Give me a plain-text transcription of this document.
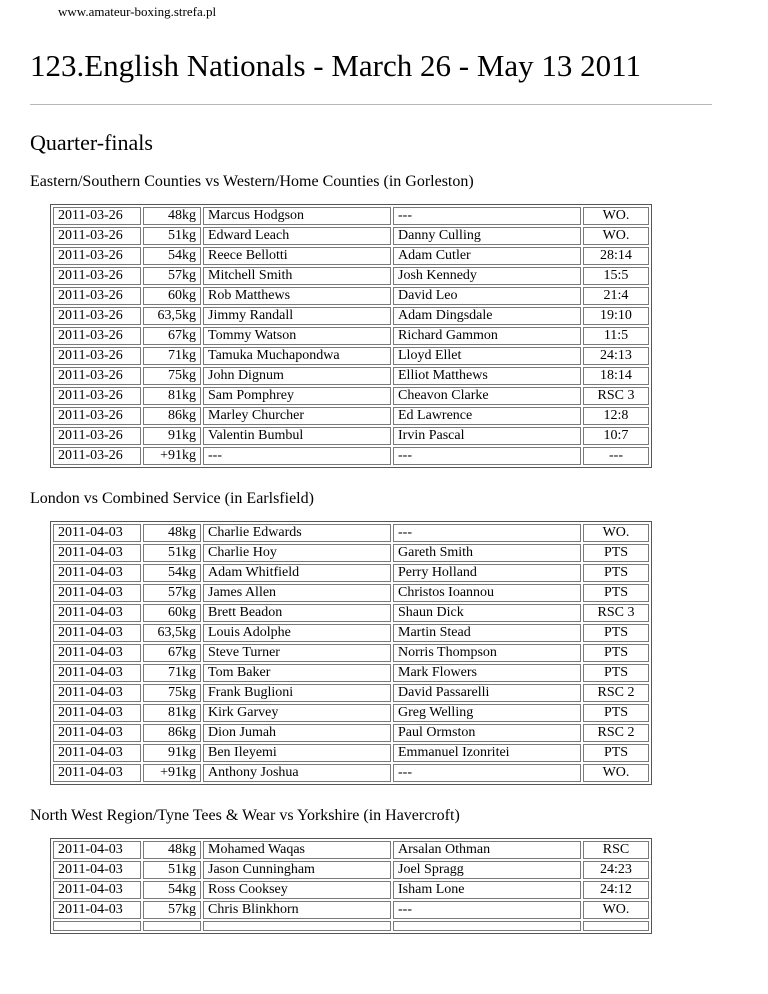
www.amateur-boxing.strefa.pl
123.English Nationals - March 26 - May 13 2011
Quarter-finals

Eastern/Southern Counties vs Western/Home Counties (in Gorleston)

2011-03-26	48kg	Marcus Hodgson	---	WO.
2011-03-26	51kg	Edward Leach	Danny Culling	WO.
2011-03-26	54kg	Reece Bellotti	Adam Cutler	28:14
2011-03-26	57kg	Mitchell Smith	Josh Kennedy	15:5
2011-03-26	60kg	Rob Matthews	David Leo	21:4
2011-03-26	63,5kg	Jimmy Randall	Adam Dingsdale	19:10
2011-03-26	67kg	Tommy Watson	Richard Gammon	11:5
2011-03-26	71kg	Tamuka Muchapondwa	Lloyd Ellet	24:13
2011-03-26	75kg	John Dignum	Elliot Matthews	18:14
2011-03-26	81kg	Sam Pomphrey	Cheavon Clarke	RSC 3
2011-03-26	86kg	Marley Churcher	Ed Lawrence	12:8
2011-03-26	91kg	Valentin Bumbul	Irvin Pascal	10:7
2011-03-26	+91kg	---	---	---

London vs Combined Service (in Earlsfield)

2011-04-03	48kg	Charlie Edwards	---	WO.
2011-04-03	51kg	Charlie Hoy	Gareth Smith	PTS
2011-04-03	54kg	Adam Whitfield	Perry Holland	PTS
2011-04-03	57kg	James Allen	Christos Ioannou	PTS
2011-04-03	60kg	Brett Beadon	Shaun Dick	RSC 3
2011-04-03	63,5kg	Louis Adolphe	Martin Stead	PTS
2011-04-03	67kg	Steve Turner	Norris Thompson	PTS
2011-04-03	71kg	Tom Baker	Mark Flowers	PTS
2011-04-03	75kg	Frank Buglioni	David Passarelli	RSC 2
2011-04-03	81kg	Kirk Garvey	Greg Welling	PTS
2011-04-03	86kg	Dion Jumah	Paul Ormston	RSC 2
2011-04-03	91kg	Ben Ileyemi	Emmanuel Izonritei	PTS
2011-04-03	+91kg	Anthony Joshua	---	WO.

North West Region/Tyne Tees & Wear vs Yorkshire (in Havercroft)

2011-04-03	48kg	Mohamed Waqas	Arsalan Othman	RSC
2011-04-03	51kg	Jason Cunningham	Joel Spragg	24:23
2011-04-03	54kg	Ross Cooksey	Isham Lone	24:12
2011-04-03	57kg	Chris Blinkhorn	---	WO.
